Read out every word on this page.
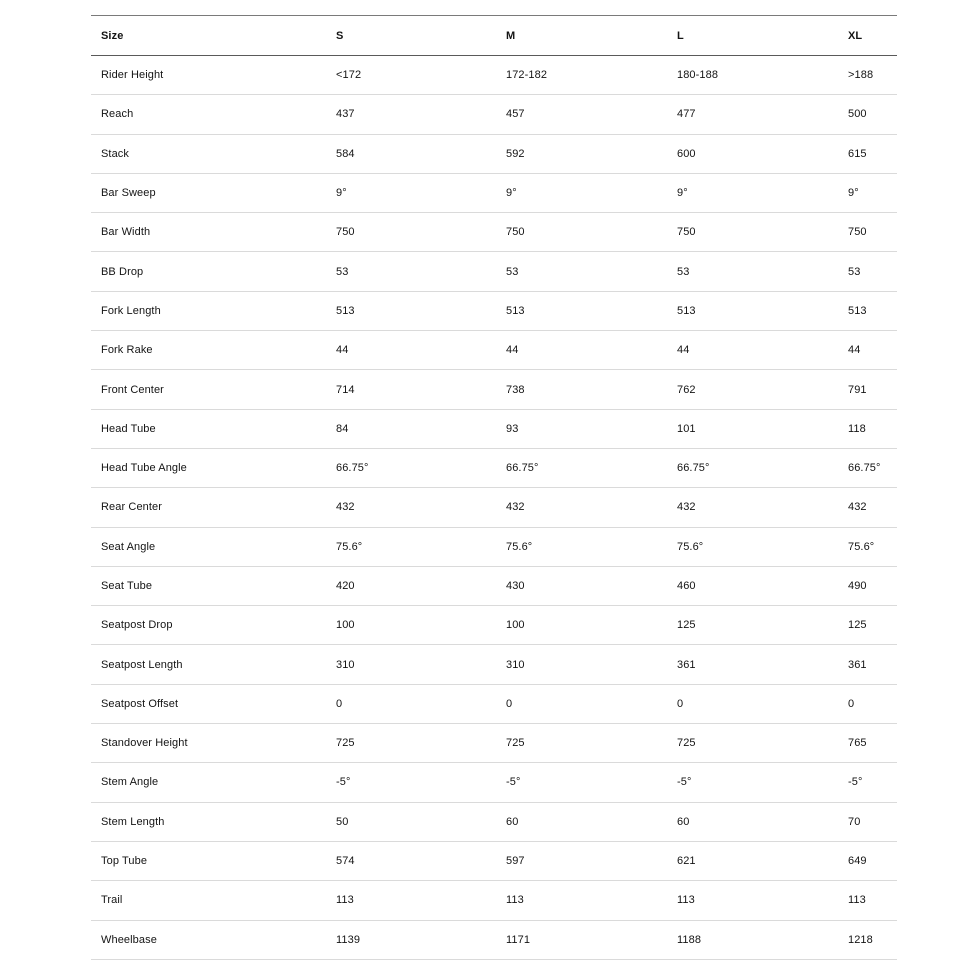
Size	S	M	L	XL
Rider Height	<172	172-182	180-188	>188
Reach	437	457	477	500
Stack	584	592	600	615
Bar Sweep	9°	9°	9°	9°
Bar Width	750	750	750	750
BB Drop	53	53	53	53
Fork Length	513	513	513	513
Fork Rake	44	44	44	44
Front Center	714	738	762	791
Head Tube	84	93	101	118
Head Tube Angle	66.75°	66.75°	66.75°	66.75°
Rear Center	432	432	432	432
Seat Angle	75.6°	75.6°	75.6°	75.6°
Seat Tube	420	430	460	490
Seatpost Drop	100	100	125	125
Seatpost Length	310	310	361	361
Seatpost Offset	0	0	0	0
Standover Height	725	725	725	765
Stem Angle	-5°	-5°	-5°	-5°
Stem Length	50	60	60	70
Top Tube	574	597	621	649
Trail	113	113	113	113
Wheelbase	1139	1171	1188	1218
